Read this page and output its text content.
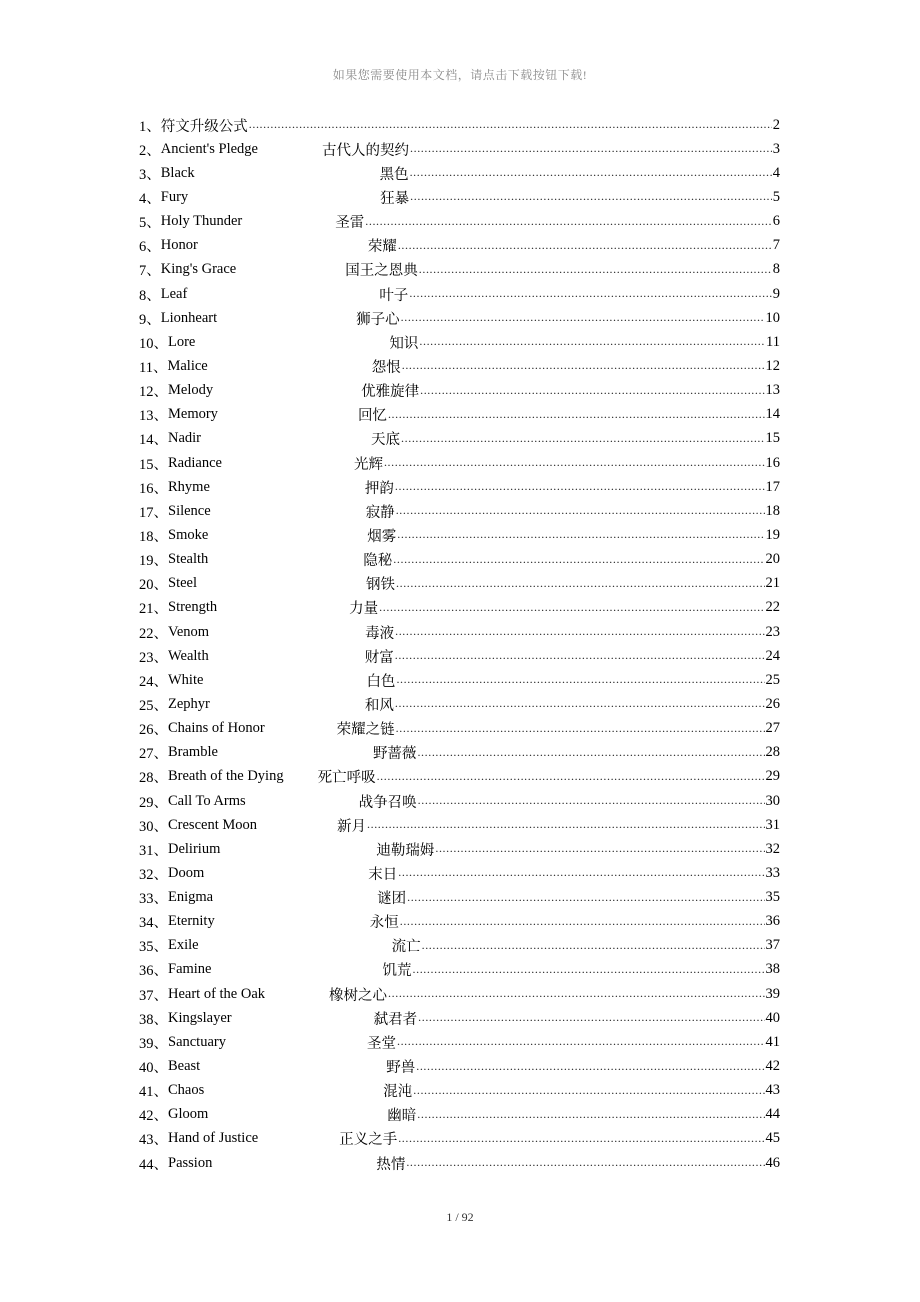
如果您需要使用本文档，请点击下载按钮下载!
1、 符文升级公式 .....	2
2、 Ancient's Pledge	古代人的契约 .....	3
3、 Black	黑色 .....	4
4、 Fury	狂暴 .....	5
5、 Holy Thunder	圣雷 .....	6
6、 Honor	荣耀 .....	7
7、 King's Grace	国王之恩典 .....	8
8、 Leaf	叶子 .....	9
9、 Lionheart	狮子心 .....	10
10、 Lore	知识 .....	11
11、 Malice	怨恨 .....	12
12、 Melody	优雅旋律 .....	13
13、 Memory	回忆 .....	14
14、 Nadir	天底 .....	15
15、 Radiance	光辉 .....	16
16、 Rhyme	押韵 .....	17
17、 Silence	寂静 .....	18
18、 Smoke	烟雾 .....	19
19、 Stealth	隐秘 .....	20
20、 Steel	钢铁 .....	21
21、 Strength	力量 .....	22
22、 Venom	毒液 .....	23
23、 Wealth	财富 .....	24
24、 White	白色 .....	25
25、 Zephyr	和风 .....	26
26、 Chains of Honor	荣耀之链 .....	27
27、 Bramble	野蔷薇 .....	28
28、 Breath of the Dying 死亡呼吸 .....	29
29、 Call To Arms	战争召唤 .....	30
30、 Crescent Moon	新月 .....	31
31、 Delirium	迪勒瑞姆 .....	32
32、 Doom	末日 .....	33
33、 Enigma	谜团 .....	35
34、 Eternity	永恒 .....	36
35、 Exile	流亡 .....	37
36、 Famine	饥荒 .....	38
37、 Heart of the Oak	橡树之心 .....	39
38、 Kingslayer	弑君者 .....	40
39、 Sanctuary	圣堂 .....	41
40、 Beast	野兽 .....	42
41、 Chaos	混沌 .....	43
42、 Gloom	幽暗 .....	44
43、 Hand of Justice	正义之手 .....	45
44、 Passion	热情 .....	46
1 / 92
